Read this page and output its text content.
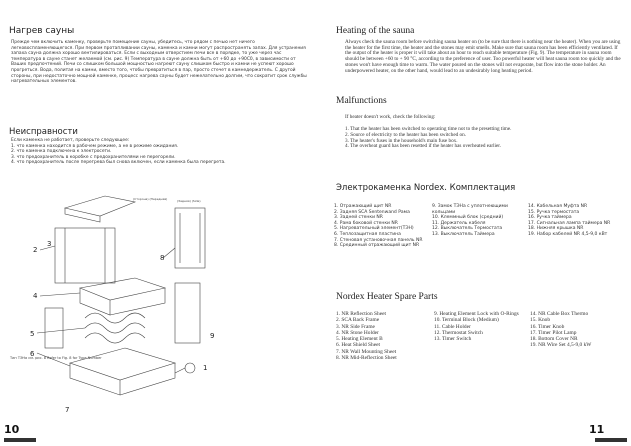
Нагрев сауны
Прежде чем включить каменку, проверьте помещение сауны, убедитесь, что рядом с печью нет ничего легковоспламеняющегося. При первом протапливании сауны, каменка и камни могут распространять запах. Для устранения запаха сауна должна хорошо вентилироваться. Если с выходным отверстием печи все в порядке, то уже через час температура в сауне станет желаемой (см. рис. 9) Температура в сауне должна быть от +60 до +90С0, в зависимости от Ваших предпочтений. Печи со слишком большой мощностью нагреют сауну слишком быстро и камни не успеют хорошо прогреться. Вода, политая на камни, вместо того, чтобы превратиться в пар, просто стечет в камнедержатель. С другой стороны, при недостаточно мощной каменке, процесс нагрева сауны будет нежелательно долгим, что сократит срок службы нагревательных элементов.
Неисправности
Если каменка не работает, проверьте следующее:
1. что каменка находится в рабочем режиме, а не в режиме ожидания.
2. что каменка подключена к электросети.
3. что предохранитель в коробке с предохранителями не перегорели.
4. что предохранитель после перегрева был снова включен, если каменка была перегрета.
2
3
4
5
6
7
8
9
1
(Сторона) (Передняя)	(Задняя) (Side)
Тип ТЭНа см. рис. 8 Refer to Fig. 8 for Type Number
10
Heating of the sauna
Always check the sauna room before switching sauna heater on (to be sure that there is nothing near the heater). When you are using the heater for the first time, the heater and the stones may emit smells. Make sure that sauna room has been efficiently ventilated. If the output of the heater is proper it will take about an hour to reach suitable temperature (Fig. 9). The temperature in sauna room should be between +60 to + 90 °C, according to the preference of user. Too powerful heater will heat sauna room too quickly and the stones won't have enough time to warm. The water poured on the stones will not evaporate, but flow into the stone holder. An underpowered heater, on the other hand, would lead to an undesirably long heating period.
Malfunctions
If heater doesn't work, check the following:
1. That the heater has been switched to operating time not to the presetting time.
2. Source of electricity to the heater has been switched on.
3. The heater's fuses in the household's main fuse box.
4. The overheat guard has been resetted if the heater has overheated earlier.
Электрокаменка Nordex. Комплектация
1. Отражающий щит NR
2. Задняя SCA Sentenwand Рама
3. Задней стенки NR
4. Рама боковой стенки NR
5. Нагревательный элемент(ТЭН)
6. Теплозащитная пластина
7. Стеновая установочная панель NR
8. Срединный отражающий щит NR
9. Замок ТЭНа с уплотнеющими кольцами
10. Клеммный блок (средний)
11. Держатель кабеля
12. Выключатель Термостата
13. Выключатель Таймера
14. Кабельная Муфта NR
15. Ручка термостата
16. Ручка таймера
17. Сигнальная лампа таймера NR
18. Нижняя крышка NR
19. Набор кабелей NR 4,5-9,0 кВт
Nordex Heater Spare Parts
1. NR Reflection Sheet
2. SCA Back Frame
3. NR Side Frame
4. NR Stone Holder
5. Heating Element B
6. Heat Shield Sheet
7. NR Wall Mounting Sheet
8. NR Mid-Reflection Sheet
9. Heating Element Lock with O-Rings
10. Terminal Block (Medium)
11. Cable Holder
12. Thermostat Switch
13. Timer Switch
14. NR Cable Box Thermo
15. Knob
16. Timer Knob
17. Timer Pilot Lamp
18. Bottom Cover NR
19. NR Wire Set 4,5-9,0 kW
11
